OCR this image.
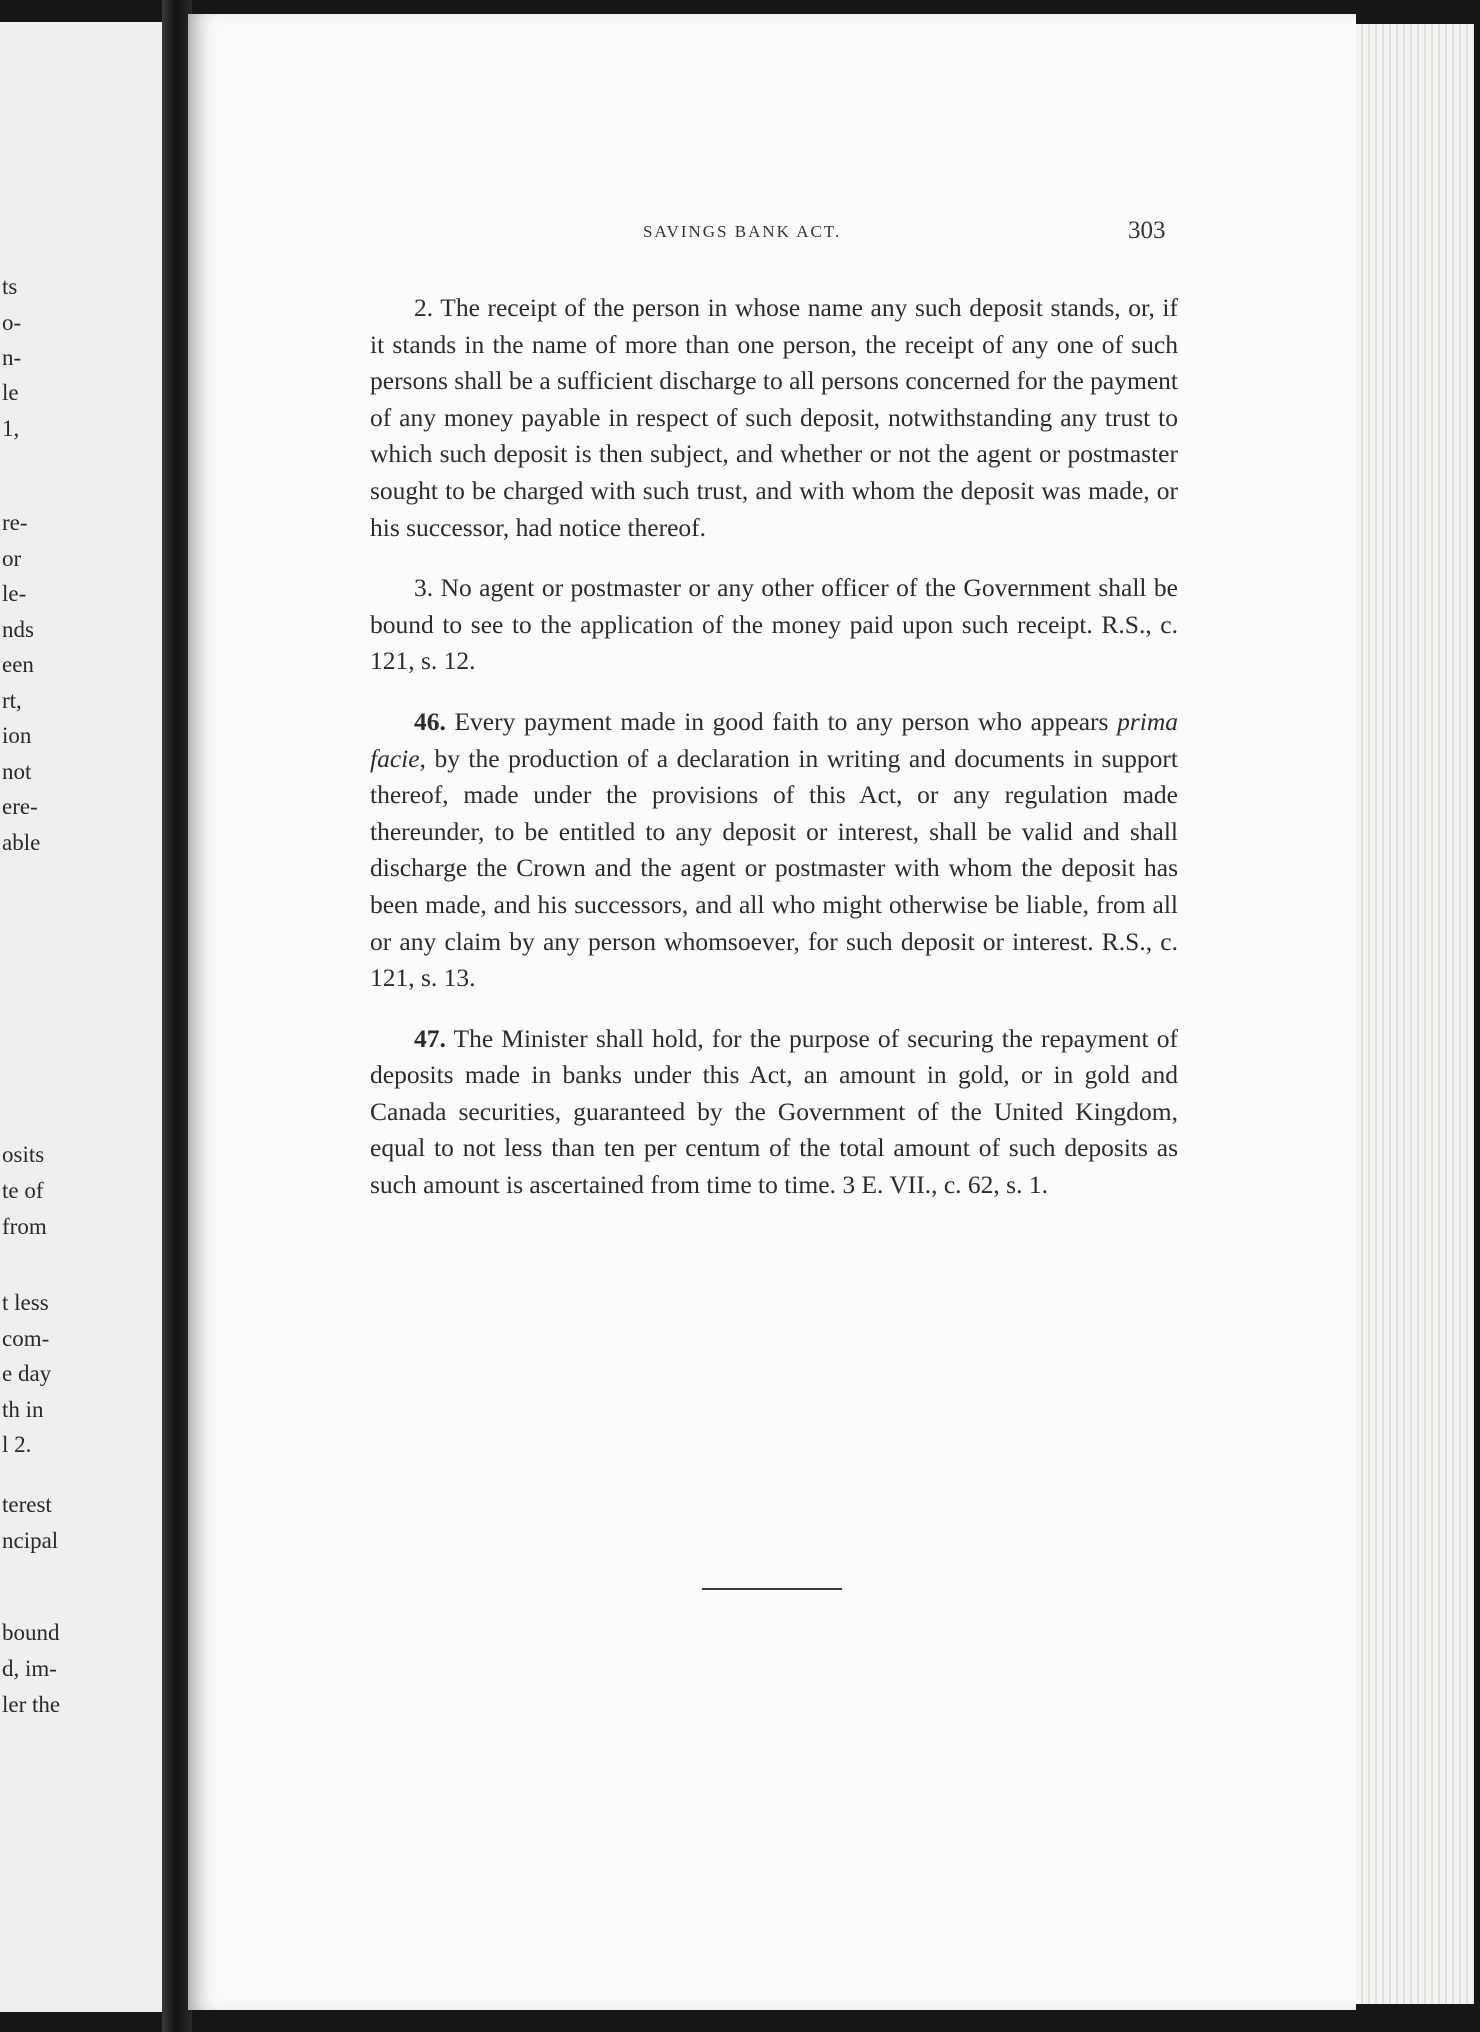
ts
o-
n-
le
1,
re-
or
le-
nds
een
rt,
ion
not
ere-
able
osits
te of
from
t less
com-
e day
th in
l 2.
terest
ncipal
bound
d, im-
ler the
SAVINGS BANK ACT.	303

2. The receipt of the person in whose name any such deposit stands, or, if it stands in the name of more than one person, the receipt of any one of such persons shall be a sufficient discharge to all persons concerned for the payment of any money payable in respect of such deposit, notwithstanding any trust to which such deposit is then subject, and whether or not the agent or postmaster sought to be charged with such trust, and with whom the deposit was made, or his successor, had notice thereof.

3. No agent or postmaster or any other officer of the Government shall be bound to see to the application of the money paid upon such receipt. R.S., c. 121, s. 12.

46. Every payment made in good faith to any person who appears prima facie, by the production of a declaration in writing and documents in support thereof, made under the provisions of this Act, or any regulation made thereunder, to be entitled to any deposit or interest, shall be valid and shall discharge the Crown and the agent or postmaster with whom the deposit has been made, and his successors, and all who might otherwise be liable, from all or any claim by any person whomsoever, for such deposit or interest. R.S., c. 121, s. 13.

47. The Minister shall hold, for the purpose of securing the repayment of deposits made in banks under this Act, an amount in gold, or in gold and Canada securities, guaranteed by the Government of the United Kingdom, equal to not less than ten per centum of the total amount of such deposits as such amount is ascertained from time to time. 3 E. VII., c. 62, s. 1.
